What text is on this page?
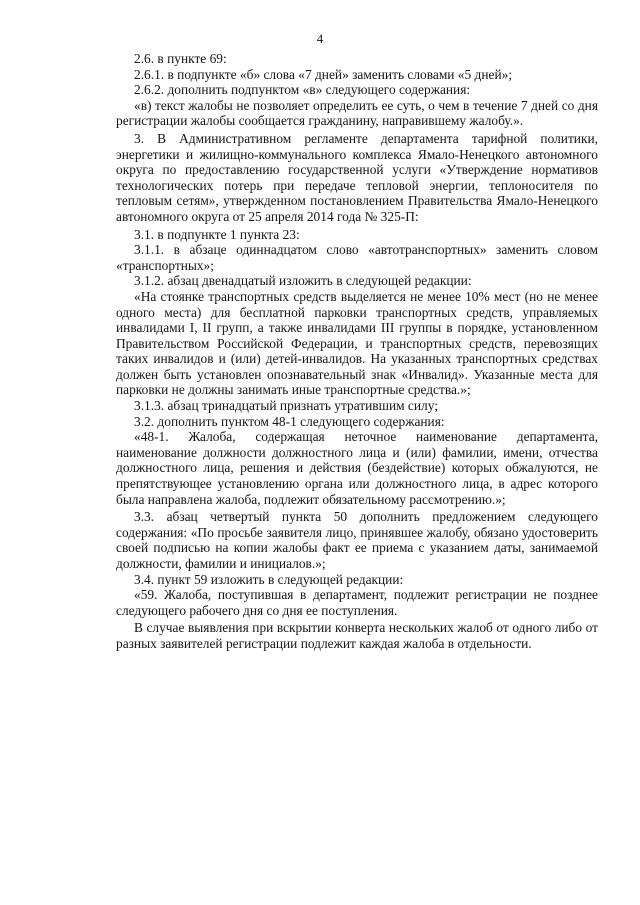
4

2.6. в пункте 69:

2.6.1. в подпункте «б» слова «7 дней» заменить словами «5 дней»;

2.6.2. дополнить подпунктом «в» следующего содержания:

«в) текст жалобы не позволяет определить ее суть, о чем в течение 7 дней со дня регистрации жалобы сообщается гражданину, направившему жалобу.».

3. В Административном регламенте департамента тарифной политики, энергетики и жилищно-коммунального комплекса Ямало-Ненецкого автономного округа по предоставлению государственной услуги «Утверждение нормативов технологических потерь при передаче тепловой энергии, теплоносителя по тепловым сетям», утвержденном постановлением Правительства Ямало-Ненецкого автономного округа от 25 апреля 2014 года № 325-П:

3.1. в подпункте 1 пункта 23:

3.1.1. в абзаце одиннадцатом слово «автотранспортных» заменить словом «транспортных»;

3.1.2. абзац двенадцатый изложить в следующей редакции:

«На стоянке транспортных средств выделяется не менее 10% мест (но не менее одного места) для бесплатной парковки транспортных средств, управляемых инвалидами I, II групп, а также инвалидами III группы в порядке, установленном Правительством Российской Федерации, и транспортных средств, перевозящих таких инвалидов и (или) детей-инвалидов. На указанных транспортных средствах должен быть установлен опознавательный знак «Инвалид». Указанные места для парковки не должны занимать иные транспортные средства.»;

3.1.3. абзац тринадцатый признать утратившим силу;

3.2. дополнить пунктом 48-1 следующего содержания:

«48-1. Жалоба, содержащая неточное наименование департамента, наименование должности должностного лица и (или) фамилии, имени, отчества должностного лица, решения и действия (бездействие) которых обжалуются, не препятствующее установлению органа или должностного лица, в адрес которого была направлена жалоба, подлежит обязательному рассмотрению.»;

3.3. абзац четвертый пункта 50 дополнить предложением следующего содержания: «По просьбе заявителя лицо, принявшее жалобу, обязано удостоверить своей подписью на копии жалобы факт ее приема с указанием даты, занимаемой должности, фамилии и инициалов.»;

3.4. пункт 59 изложить в следующей редакции:

«59. Жалоба, поступившая в департамент, подлежит регистрации не позднее следующего рабочего дня со дня ее поступления.

В случае выявления при вскрытии конверта нескольких жалоб от одного либо от разных заявителей регистрации подлежит каждая жалоба в отдельности.
